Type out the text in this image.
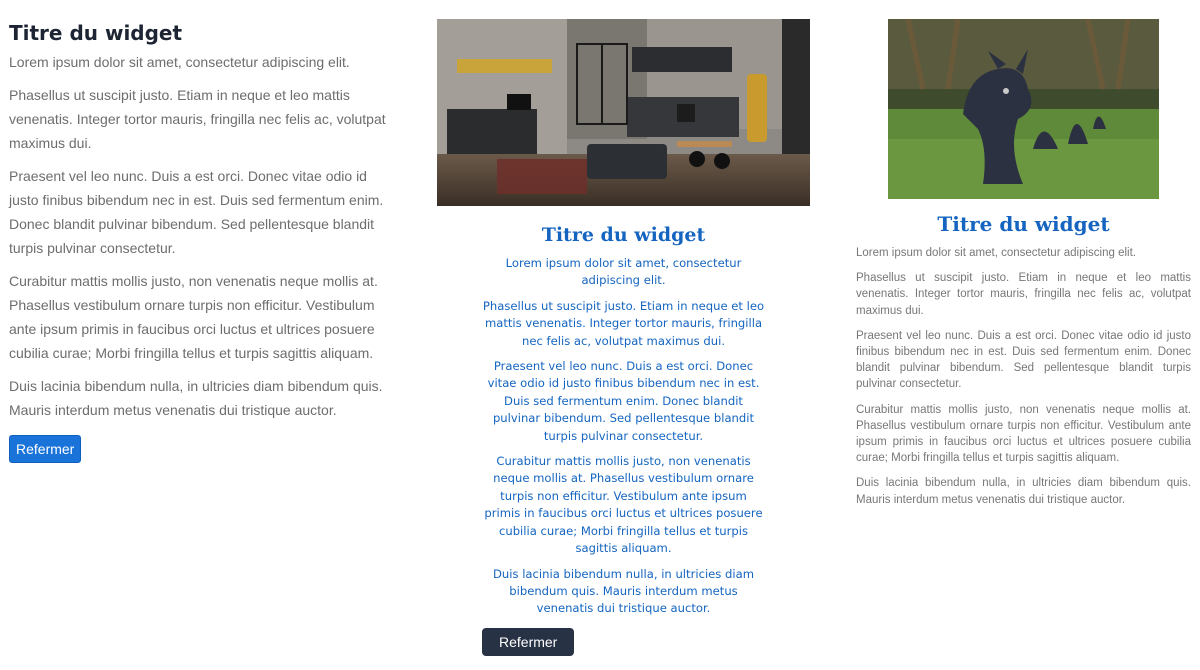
Titre du widget

Lorem ipsum dolor sit amet, consectetur adipiscing elit.

Phasellus ut suscipit justo. Etiam in neque et leo mattis venenatis. Integer tortor mauris, fringilla nec felis ac, volutpat maximus dui.

Praesent vel leo nunc. Duis a est orci. Donec vitae odio id justo finibus bibendum nec in est. Duis sed fermentum enim. Donec blandit pulvinar bibendum. Sed pellentesque blandit turpis pulvinar consectetur.

Curabitur mattis mollis justo, non venenatis neque mollis at. Phasellus vestibulum ornare turpis non efficitur. Vestibulum ante ipsum primis in faucibus orci luctus et ultrices posuere cubilia curae; Morbi fringilla tellus et turpis sagittis aliquam.

Duis lacinia bibendum nulla, in ultricies diam bibendum quis. Mauris interdum metus venenatis dui tristique auctor.

Refermer
Titre du widget

Lorem ipsum dolor sit amet, consectetur adipiscing elit.

Phasellus ut suscipit justo. Etiam in neque et leo mattis venenatis. Integer tortor mauris, fringilla nec felis ac, volutpat maximus dui.

Praesent vel leo nunc. Duis a est orci. Donec vitae odio id justo finibus bibendum nec in est. Duis sed fermentum enim. Donec blandit pulvinar bibendum. Sed pellentesque blandit turpis pulvinar consectetur.

Curabitur mattis mollis justo, non venenatis neque mollis at. Phasellus vestibulum ornare turpis non efficitur. Vestibulum ante ipsum primis in faucibus orci luctus et ultrices posuere cubilia curae; Morbi fringilla tellus et turpis sagittis aliquam.

Duis lacinia bibendum nulla, in ultricies diam bibendum quis. Mauris interdum metus venenatis dui tristique auctor.

Refermer
Titre du widget

Lorem ipsum dolor sit amet, consectetur adipiscing elit.

Phasellus ut suscipit justo. Etiam in neque et leo mattis venenatis. Integer tortor mauris, fringilla nec felis ac, volutpat maximus dui.

Praesent vel leo nunc. Duis a est orci. Donec vitae odio id justo finibus bibendum nec in est. Duis sed fermentum enim. Donec blandit pulvinar bibendum. Sed pellentesque blandit turpis pulvinar consectetur.

Curabitur mattis mollis justo, non venenatis neque mollis at. Phasellus vestibulum ornare turpis non efficitur. Vestibulum ante ipsum primis in faucibus orci luctus et ultrices posuere cubilia curae; Morbi fringilla tellus et turpis sagittis aliquam.

Duis lacinia bibendum nulla, in ultricies diam bibendum quis. Mauris interdum metus venenatis dui tristique auctor.
